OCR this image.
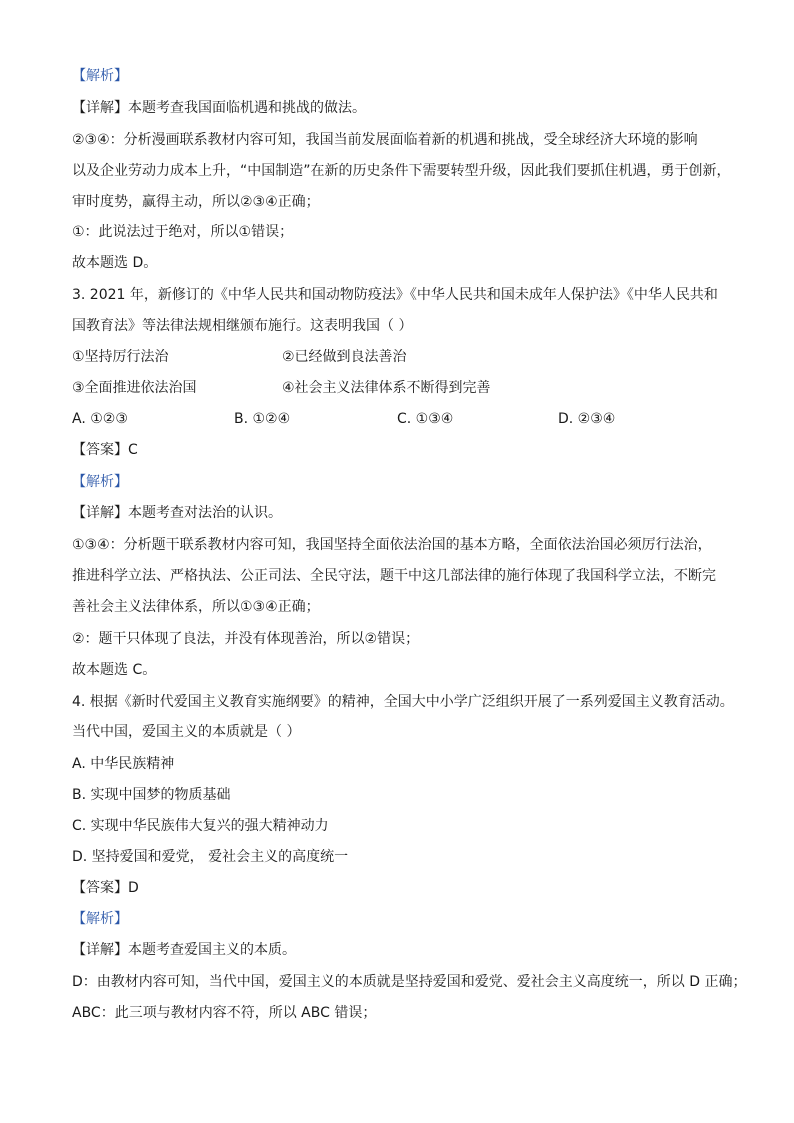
【解析】
【详解】本题考查我国面临机遇和挑战的做法。
②③④：分析漫画联系教材内容可知，我国当前发展面临着新的机遇和挑战，受全球经济大环境的影响
以及企业劳动力成本上升，“中国制造”在新的历史条件下需要转型升级，因此我们要抓住机遇，勇于创新，
审时度势，赢得主动，所以②③④正确；
①：此说法过于绝对，所以①错误；
故本题选 D。
3. 2021 年，新修订的《中华人民共和国动物防疫法》《中华人民共和国未成年人保护法》《中华人民共和
国教育法》等法律法规相继颁布施行。这表明我国（ ）
①坚持厉行法治	②已经做到良法善治
③全面推进依法治国	④社会主义法律体系不断得到完善
A. ①②③	B. ①②④	C. ①③④	D. ②③④
【答案】C
【解析】
【详解】本题考查对法治的认识。
①③④：分析题干联系教材内容可知，我国坚持全面依法治国的基本方略，全面依法治国必须厉行法治，
推进科学立法、严格执法、公正司法、全民守法，题干中这几部法律的施行体现了我国科学立法，不断完
善社会主义法律体系，所以①③④正确；
②：题干只体现了良法，并没有体现善治，所以②错误；
故本题选 C。
4. 根据《新时代爱国主义教育实施纲要》的精神，全国大中小学广泛组织开展了一系列爱国主义教育活动。
当代中国，爱国主义的本质就是（ ）
A. 中华民族精神
B. 实现中国梦的物质基础
C. 实现中华民族伟大复兴的强大精神动力
D. 坚持爱国和爱党， 爱社会主义的高度统一
【答案】D
【解析】
【详解】本题考查爱国主义的本质。
D：由教材内容可知，当代中国，爱国主义的本质就是坚持爱国和爱党、爱社会主义高度统一，所以 D 正确；
ABC：此三项与教材内容不符，所以 ABC 错误；
